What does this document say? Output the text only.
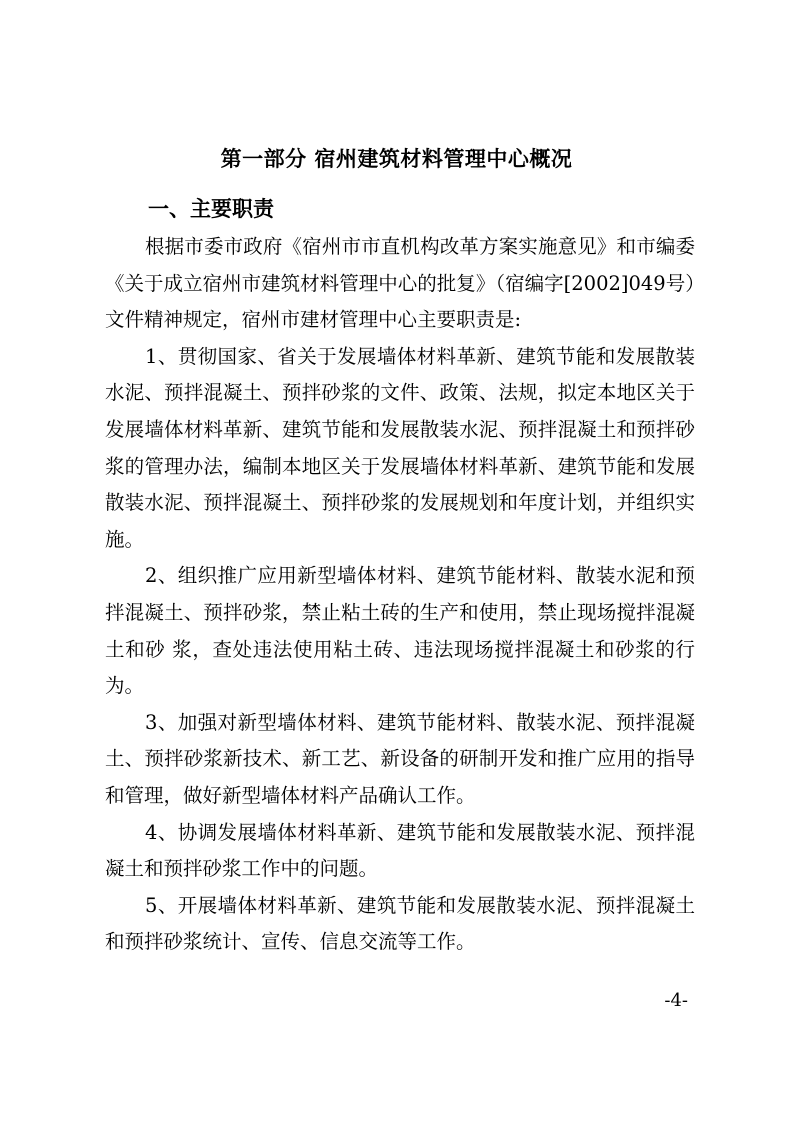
第一部分 宿州建筑材料管理中心概况
一、主要职责

根据市委市政府《宿州市市直机构改革方案实施意见》和市编委《关于成立宿州市建筑材料管理中心的批复》（宿编字[2002]049号）文件精神规定，宿州市建材管理中心主要职责是:

1、贯彻国家、省关于发展墙体材料革新、建筑节能和发展散装水泥、预拌混凝土、预拌砂浆的文件、政策、法规，拟定本地区关于发展墙体材料革新、建筑节能和发展散装水泥、预拌混凝土和预拌砂浆的管理办法，编制本地区关于发展墙体材料革新、建筑节能和发展散装水泥、预拌混凝土、预拌砂浆的发展规划和年度计划，并组织实施。

2、组织推广应用新型墙体材料、建筑节能材料、散装水泥和预拌混凝土、预拌砂浆，禁止粘土砖的生产和使用，禁止现场搅拌混凝土和砂 浆，查处违法使用粘土砖、违法现场搅拌混凝土和砂浆的行为。

3、加强对新型墙体材料、建筑节能材料、散装水泥、预拌混凝土、预拌砂浆新技术、新工艺、新设备的研制开发和推广应用的指导和管理，做好新型墙体材料产品确认工作。

4、协调发展墙体材料革新、建筑节能和发展散装水泥、预拌混凝土和预拌砂浆工作中的问题。

5、开展墙体材料革新、建筑节能和发展散装水泥、预拌混凝土和预拌砂浆统计、宣传、信息交流等工作。

-4-
